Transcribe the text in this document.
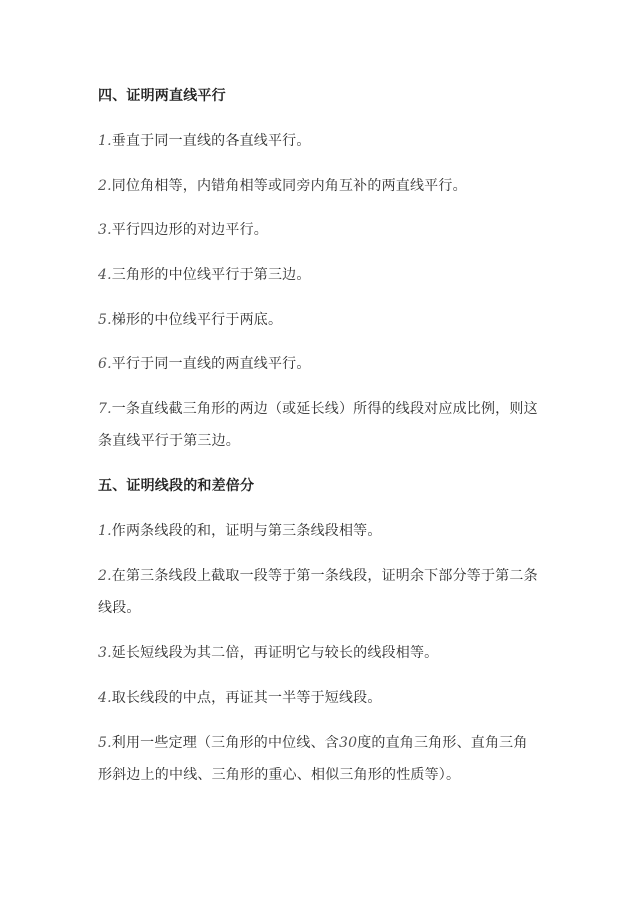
四、证明两直线平行
1.垂直于同一直线的各直线平行。
2.同位角相等，内错角相等或同旁内角互补的两直线平行。
3.平行四边形的对边平行。
4.三角形的中位线平行于第三边。
5.梯形的中位线平行于两底。
6.平行于同一直线的两直线平行。
7.一条直线截三角形的两边（或延长线）所得的线段对应成比例，则这
条直线平行于第三边。
五、证明线段的和差倍分
1.作两条线段的和，证明与第三条线段相等。
2.在第三条线段上截取一段等于第一条线段，证明余下部分等于第二条
线段。
3.延长短线段为其二倍，再证明它与较长的线段相等。
4.取长线段的中点，再证其一半等于短线段。
5.利用一些定理（三角形的中位线、含30度的直角三角形、直角三角
形斜边上的中线、三角形的重心、相似三角形的性质等）。
